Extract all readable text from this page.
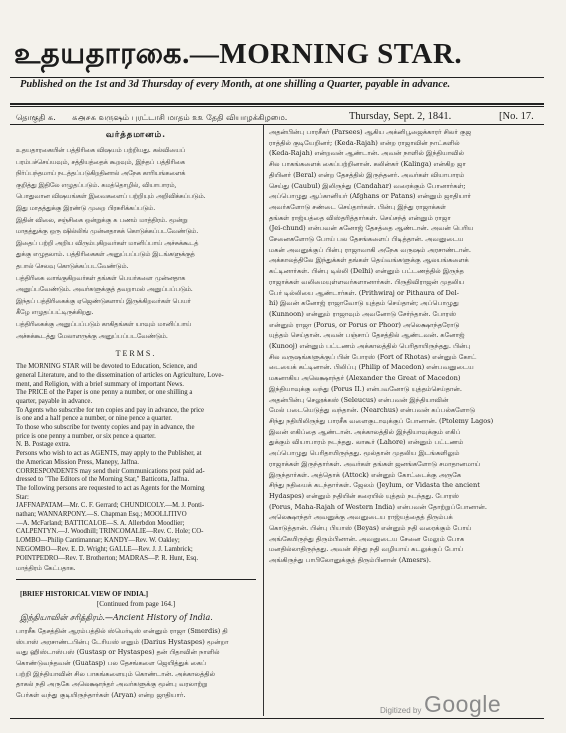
உதயதாரகை.—MORNING STAR.
Published on the 1st and 3d Thursday of every Month, at one shilling a Quarter, payable in advance.
தொகுதி ௧. ௧௮௪௧ வருஷம் புரட்டாசி மாதம் ௨௨ தேதி வியாழக்கிழமை.	Thursday, Sept. 2, 1841.	[No. 17.
வர்த்தமானம்.
உதயதாரகையின் பத்திரிகை விஷயம் பற்றியது. கல்வியைப்
பரம்பச்செய்யவும், சத்தியத்தைக் கூறவும், இந்தப் பத்திரிகை
நிர்ப்பந்தமாய் நடத்தப்படுகிறதினால் அநேக காரியங்களைக்
குறித்து இதிலே எழுதப்படும். கமத்தொழில், வியாபாரம்,
பொதுவான விஷயங்கள் இவைகளைப் பற்றியும் அறிவிக்கப்படும்.
இது மாதத்துக்கு இரண்டு முறை பிரசுரிக்கப்படும்.
இதின் விலை, சஞ்சிகை ஒன்றுக்கு ௧ பணம் மாத்திரம். மூன்று
மாதத்துக்கு ஒரு ஷில்லிங் முன்னதாகக் கொடுக்கப்படவேண்டும்.
இதைப் பற்றி அறிய விரும்புகிறவர்கள் மானிப்பாய் அச்சுக்கூடத்
துக்கு எழுதலாம். பத்திரிகைகள் அனுப்பப்படும் இடங்களுக்குத்
தபால் செலவு கொடுக்கப்படவேண்டும்.
பத்திரிகை வாங்குகிறவர்கள் தங்கள் பெயர்களை முன்னதாக
அனுப்பவேண்டும். அவர்களுக்குத் தவறாமல் அனுப்பப்படும்.
இந்தப் பத்திரிகைக்கு ஏஜெண்டுகளாய் இருக்கிறவர்கள் பெயர்
கீழே எழுதப்பட்டிருக்கிறது.
பத்திரிகைக்கு அனுப்பப்படும் காகிதங்கள் யாவும் மானிப்பாய்
அச்சுக்கூடத்து மேலாளருக்கு அனுப்பப்படவேண்டும்.
TERMS.
The MORNING STAR will be devoted to Education, Science, and
general Literature, and to the dissemination of articles on Agriculture, Love-
ment, and Religion, with a brief summary of important News.
The PRICE of the Paper is one penny a number, or one shilling a
quarter, payable in advance.
To Agents who subscribe for ten copies and pay in advance, the price
is one and a half pence a number, or nine pence a quarter.
To those who subscribe for twenty copies and pay in advance, the
price is one penny a number, or six pence a quarter.
N. B. Postage extra.
Persons who wish to act as AGENTS, may apply to the Publisher, at
the American Mission Press, Manepy, Jaffna.
CORRESPONDENTS may send their Communications post paid ad-
dressed to "The Editors of the Morning Star," Batticotta, Jaffna.
The following persons are requested to act as Agents for the Morning
Star:
JAFFNAPATAM—Mr. C. F. Gerrard; CHUNDICOLY.—M. J. Ponti-
nathan; WANNARPONY.—S. Chapman Esq.; MOOLLITIVO
—A. McFarland; BATTICALOE—S. A. Allerbdon Moodlier;
CALPENTYN.—J. Woodhill; TRINCOMALIE—Rev. C. Hole; CO-
LOMBO—Philip Cantimannar; KANDY—Rev. W. Oakley;
NEGOMBO—Rev. E. D. Wright; GALLE—Rev. J. J. Lambrick;
POINTPEDRO—Rev. T. Brotherton; MADRAS—P. R. Hunt, Esq.
மாத்திரம் கேட்பதாக.
[BRIEF HISTORICAL VIEW OF INDIA.]
[Continued from page 164.]
இந்தியாவின் சரித்திரம்.—Ancient History of India.
பாரசீக தேசத்தின் ஆரம்பத்தில் ஸ்மெர்டிஸ் என்னும் ராஜா (Smerdis) தி
ஸ்பாஸ் அரசாண்டபின்பு டேரியஸ் எனும் (Darius Hystaspes) மூன்றா
வது ஹிஸ்டாஸ்பஸ் (Gustasp or Hystaspes) தன் பிதாவின் நாளில்
கொண்டுவந்தவன் (Guatasp) பல தேசங்களை ஜெயித்துக் கைப்
பற்றி இந்தியாவின் சில பாகங்களையும் கொண்டான். அக்காலத்தில்
தாகல் நதி அருகே அலெக்ஷாந்தர் அவர்களுக்கு மூன்பு வரலாற்று
பேர்கள் வந்து குடியிருந்தார்கள் (Aryan) என்ற ஜாதியார்.
அதன்பின்பு பாரசீகர் (Parsees) ஆகிய அக்னிபூஜைக்காரர் சிலர் குஜ
ராத்தில் குடியேறினர்; (Keda-Rajah) என்ற ராஜாவின் நாட்களில்
(Keda-Rajah) என்றவன் ஆண்டான். அவன் நாளில் இந்தியாவில்
சில பாகங்களைக் கைப்பற்றினான். கலின்கர் (Kalinga) என்கிற ஜா
தியினர் (Beral) என்ற தேசத்தில் இருந்தனர். அவர்கள் வியாபாரம்
செய்து (Caubul) இலிருந்து (Candahar) வரைக்கும் போனார்கள்;
அப்பொழுது ஆப்கானியர் (Afghans or Patans) என்னும் ஜாதியார்
அவர்களோடு சண்டை செய்தார்கள். பின்பு இந்து ராஜாக்கள்
தங்கள் ராஜ்யத்தை விஸ்தரித்தார்கள். செய்சந்த் என்னும் ராஜா
(Jei-chund) என்பவன் கனோஜ் தேசத்தை ஆண்டான். அவன் பெரிய
சேனைகளோடு போய் பல தேசங்களைப் பிடித்தான். அவனுடைய
மகன் அவனுக்குப் பின்பு ராஜாவாகி அநேக வருஷம் அரசாண்டான்.
அக்காலத்திலே இந்துக்கள் தங்கள் தெய்வங்களுக்கு ஆலயங்களைக்
கட்டினார்கள். பின்பு டில்லி (Delhi) என்னும் பட்டணத்தில் இருந்த
ராஜாக்கள் வலிமையுள்ளவர்களானார்கள். பிருதிவிராஜன் முதலிய
பேர் டில்லியை ஆண்டார்கள். (Prithwiraj or Pithaura of Del-
hi) இவன் கனோஜ் ராஜாவோடு யுத்தம் செய்தான்; அப்பொழுது
(Kunnoon) என்னும் ராஜாவும் அவனோடு சேர்ந்தான். போரஸ்
என்னும் ராஜா (Porus, or Porus or Phoor) அலெக்ஷாந்தரோடு
யுத்தம் செய்தான். அவன் பஞ்சாப் தேசத்தில் ஆண்டவன். கனோஜ்
(Kunooj) என்னும் பட்டணம் அக்காலத்தில் பெரிதாயிருந்தது. பின்பு
சில வருஷங்களுக்குப் பின் போரஸ் (Fort of Rhotas) என்னும் கோட்
டையைக் கட்டினான். பிலிப்பு (Philip of Macedon) என்பவனுடைய
மகனாகிய அலெக்ஷாந்தர் (Alexander the Great of Macedon)
இந்தியாவுக்கு வந்து (Porus II.) என்பவனோடு யுத்தம்செய்தான்.
அதன்பின்பு செலூக்கஸ் (Seleucus) என்பவன் இந்தியாவின்
மேல் படையெடுத்து வந்தான். (Nearchus) என்பவன் கப்பல்களோடு
சிந்து நதியிலிருந்து பாரசீக வளைகுடாவுக்குப் போனான். (Ptolemy Lagos)
இவன் எகிப்தை ஆண்டான். அக்காலத்தில் இந்தியாவுக்கும் எகிப்
துக்கும் வியாபாரம் நடந்தது. லாகூர் (Lahore) என்னும் பட்டணம்
அப்பொழுது பெரிதாயிருந்தது. மூல்தான் முதலிய இடங்களிலும்
ராஜாக்கள் இருந்தார்கள். அவர்கள் தங்கள் ஜனங்களோடு சமாதானமாய்
இருந்தார்கள். அத்தொக் (Attock) என்னும் கோட்டைக்கு அருகே
சிந்து நதியைக் கடந்தார்கள். ஜேலம் (Jeylum, or Vidasta the ancient
Hydaspes) என்னும் நதியின் கரையில் யுத்தம் நடந்தது. போரஸ்
(Porus, Maha-Rajah of Western India) என்பவன் தோற்றுப்போனான்.
அலெக்ஷாந்தர் அவனுக்கு அவனுடைய ராஜ்யத்தைத் திரும்பக்
கொடுத்தான். பின்பு பியாஸ் (Beyas) என்னும் நதி வரைக்கும் போய்
அங்கேயிருந்து திரும்பினான். அவனுடைய சேனை மேலும் போக
மனதில்லாதிருந்தது. அவன் சிந்து நதி வழியாய் கடலுக்குப் போய்
அங்கிருந்து பாபிலோனுக்குத் திரும்பினான் (Amesrs).
Digitized by Google
